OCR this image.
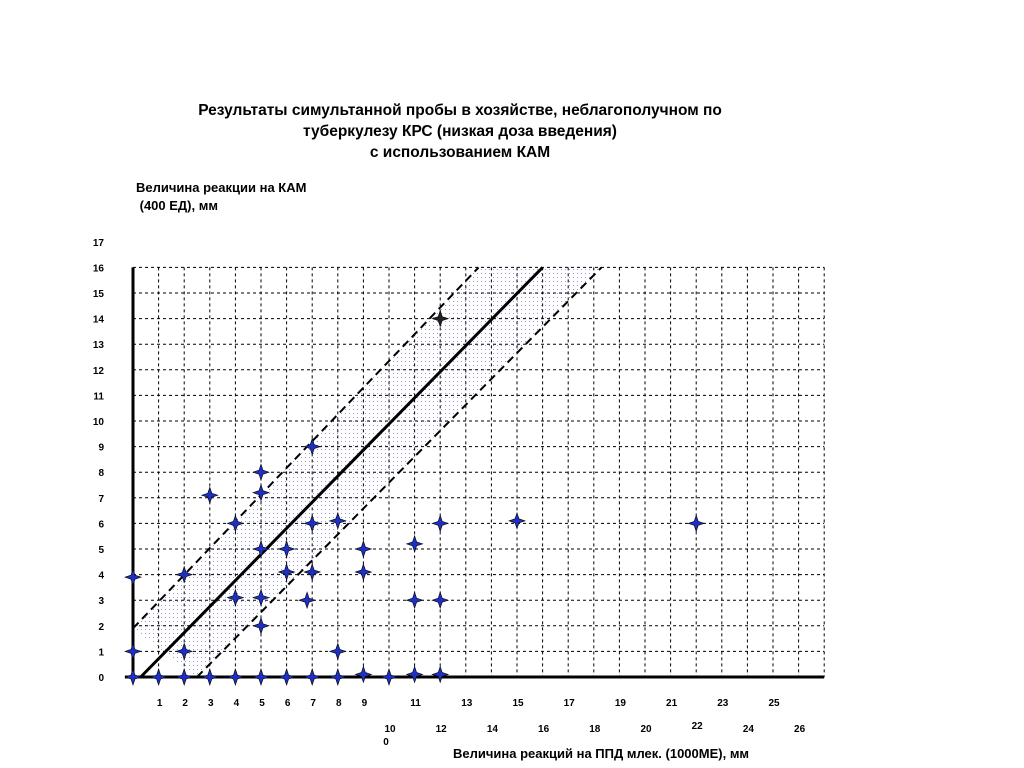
Результаты симультанной пробы в хозяйстве, неблагополучном по
туберкулезу КРС (низкая доза введения)
с использованием КАМ
Величина реакции на КАМ
(400 ЕД), мм
Величина реакций на ППД млек. (1000МЕ), мм
0
1
2
3
4
5
6
7
8
9
10
11
12
13
14
15
16
17
1	3	5	7	9	11	13	15	17	19	21	23	25
2	4	6	8
10
0
12	14	16	18	20	22	24	26
